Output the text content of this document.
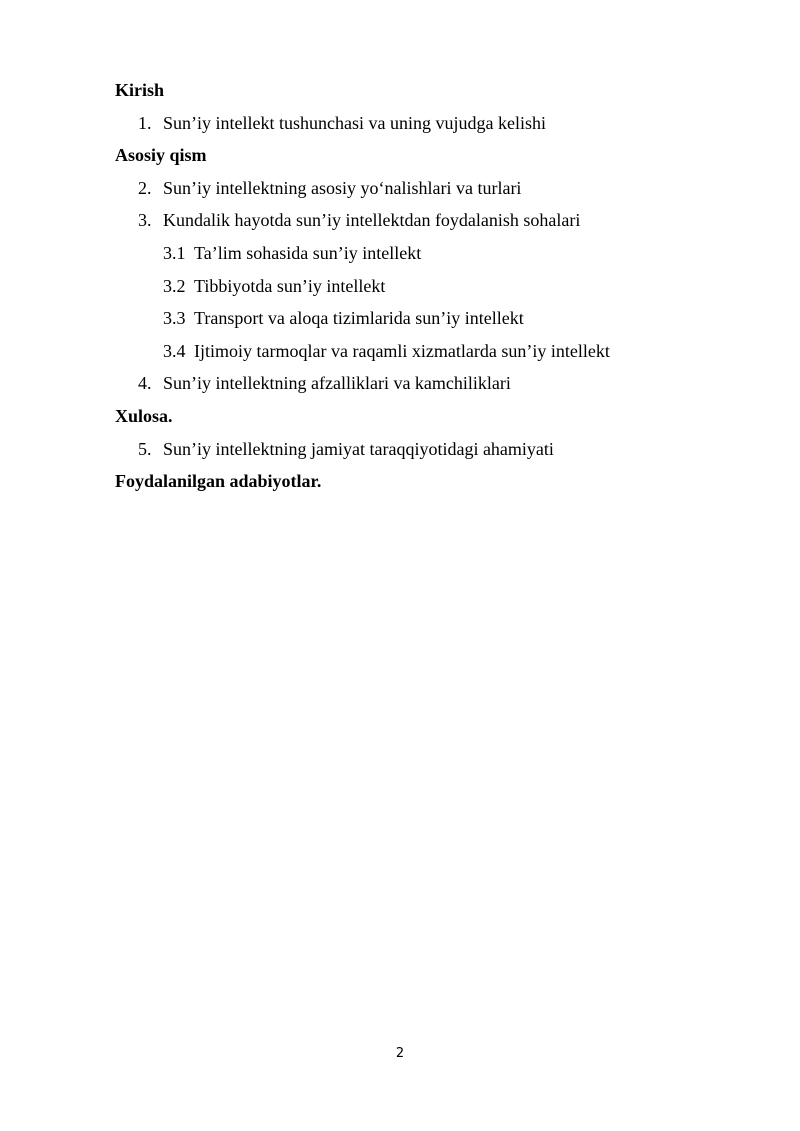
Kirish
1. Sun’iy intellekt tushunchasi va uning vujudga kelishi
Asosiy qism
2. Sun’iy intellektning asosiy yo‘nalishlari va turlari
3. Kundalik hayotda sun’iy intellektdan foydalanish sohalari
3.1 Ta’lim sohasida sun’iy intellekt
3.2 Tibbiyotda sun’iy intellekt
3.3 Transport va aloqa tizimlarida sun’iy intellekt
3.4 Ijtimoiy tarmoqlar va raqamli xizmatlarda sun’iy intellekt
4. Sun’iy intellektning afzalliklari va kamchiliklari
Xulosa.
5. Sun’iy intellektning jamiyat taraqqiyotidagi ahamiyati
Foydalanilgan adabiyotlar.
2
